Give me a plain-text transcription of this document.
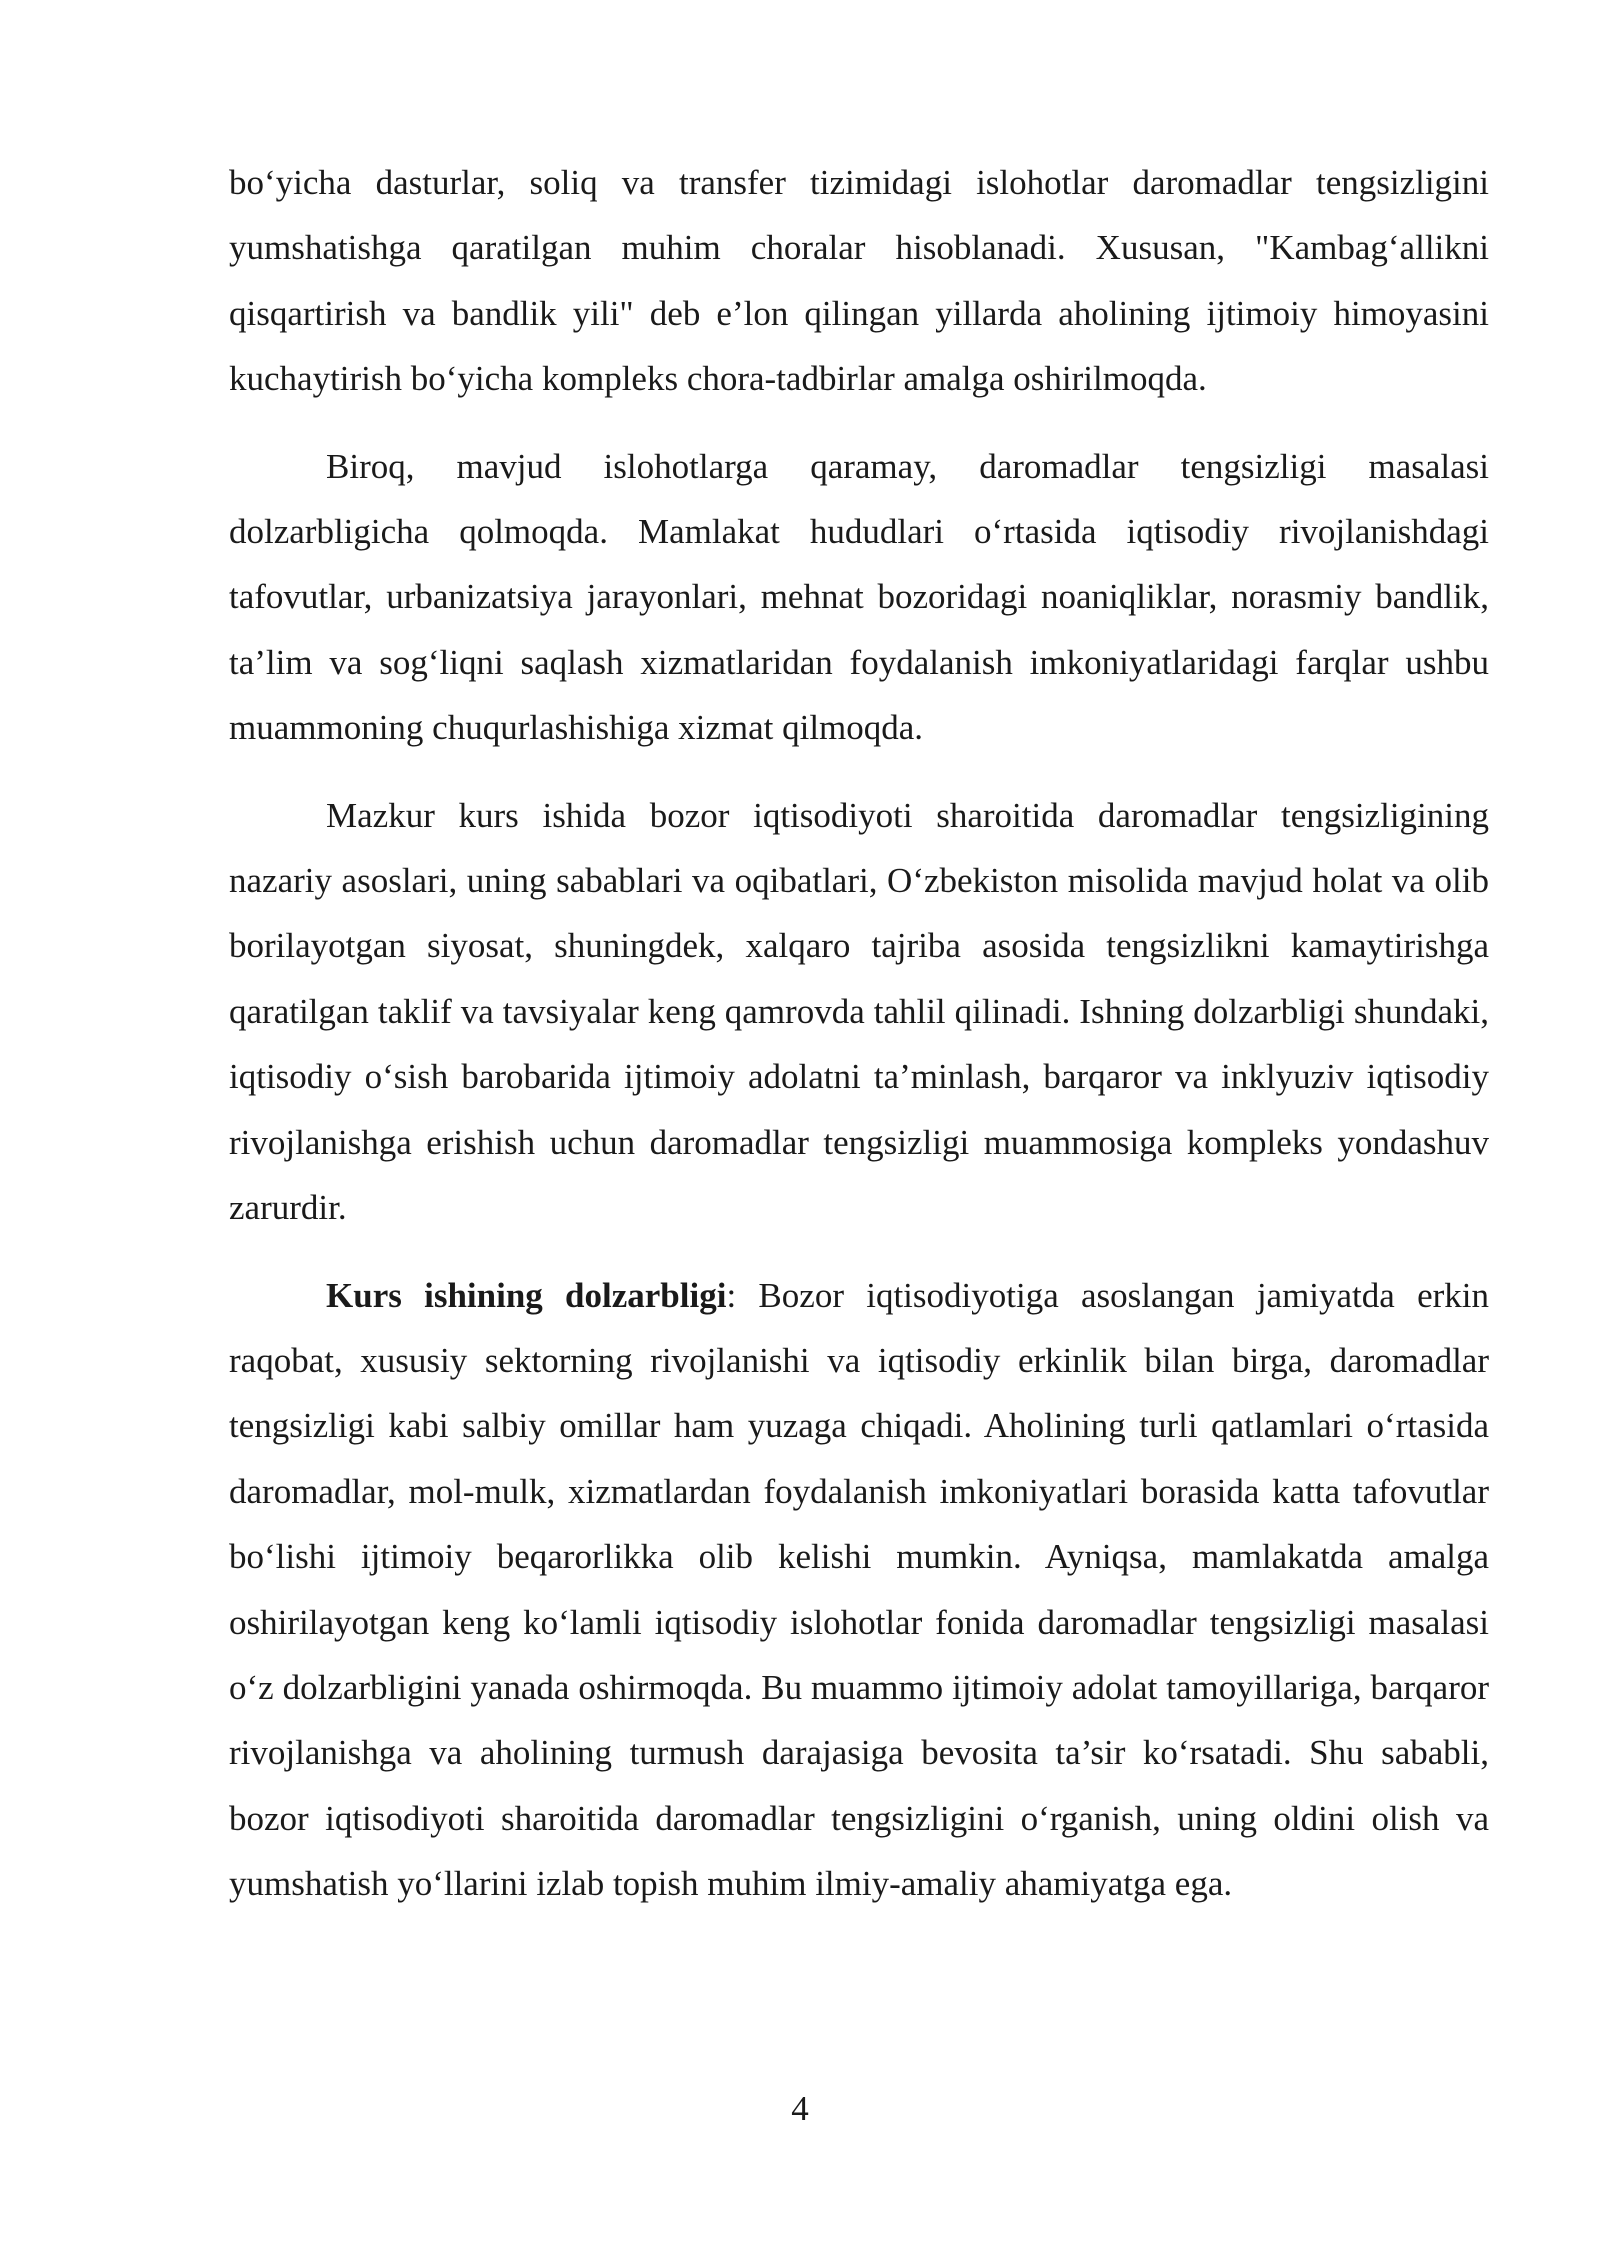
bo‘yicha dasturlar, soliq va transfer tizimidagi islohotlar daromadlar tengsizligini yumshatishga qaratilgan muhim choralar hisoblanadi. Xususan, "Kambag‘allikni qisqartirish va bandlik yili" deb e’lon qilingan yillarda aholining ijtimoiy himoyasini kuchaytirish bo‘yicha kompleks chora-tadbirlar amalga oshirilmoqda.

Biroq, mavjud islohotlarga qaramay, daromadlar tengsizligi masalasi dolzarbligicha qolmoqda. Mamlakat hududlari o‘rtasida iqtisodiy rivojlanishdagi tafovutlar, urbanizatsiya jarayonlari, mehnat bozoridagi noaniqliklar, norasmiy bandlik, ta’lim va sog‘liqni saqlash xizmatlaridan foydalanish imkoniyatlaridagi farqlar ushbu muammoning chuqurlashishiga xizmat qilmoqda.

Mazkur kurs ishida bozor iqtisodiyoti sharoitida daromadlar tengsizligining nazariy asoslari, uning sabablari va oqibatlari, O‘zbekiston misolida mavjud holat va olib borilayotgan siyosat, shuningdek, xalqaro tajriba asosida tengsizlikni kamaytirishga qaratilgan taklif va tavsiyalar keng qamrovda tahlil qilinadi. Ishning dolzarbligi shundaki, iqtisodiy o‘sish barobarida ijtimoiy adolatni ta’minlash, barqaror va inklyuziv iqtisodiy rivojlanishga erishish uchun daromadlar tengsizligi muammosiga kompleks yondashuv zarurdir.

Kurs ishining dolzarbligi: Bozor iqtisodiyotiga asoslangan jamiyatda erkin raqobat, xususiy sektorning rivojlanishi va iqtisodiy erkinlik bilan birga, daromadlar tengsizligi kabi salbiy omillar ham yuzaga chiqadi. Aholining turli qatlamlari o‘rtasida daromadlar, mol-mulk, xizmatlardan foydalanish imkoniyatlari borasida katta tafovutlar bo‘lishi ijtimoiy beqarorlikka olib kelishi mumkin. Ayniqsa, mamlakatda amalga oshirilayotgan keng ko‘lamli iqtisodiy islohotlar fonida daromadlar tengsizligi masalasi o‘z dolzarbligini yanada oshirmoqda. Bu muammo ijtimoiy adolat tamoyillariga, barqaror rivojlanishga va aholining turmush darajasiga bevosita ta’sir ko‘rsatadi. Shu sababli, bozor iqtisodiyoti sharoitida daromadlar tengsizligini o‘rganish, uning oldini olish va yumshatish yo‘llarini izlab topish muhim ilmiy-amaliy ahamiyatga ega.

4
